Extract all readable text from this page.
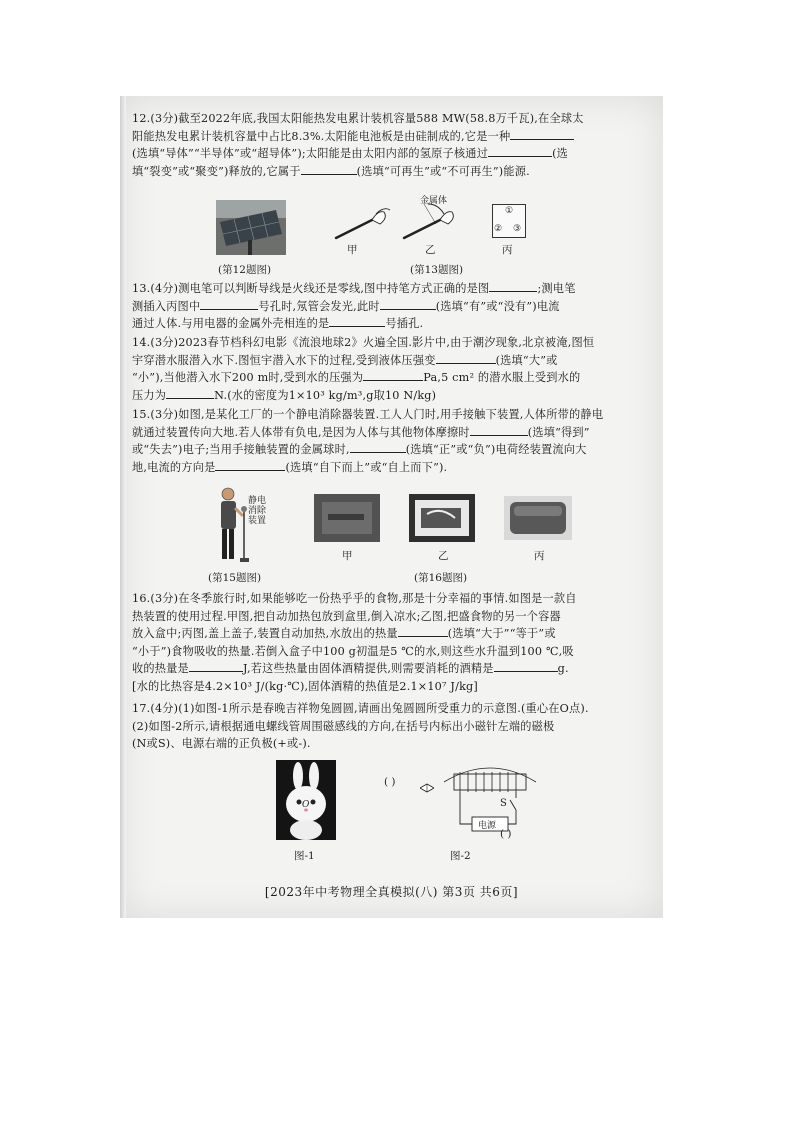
12.(3分)截至2022年底,我国太阳能热发电累计装机容量588 MW(58.8万千瓦),在全球太

阳能热发电累计装机容量中占比8.3%.太阳能电池板是由硅制成的,它是一种

(选填“导体”“半导体”或“超导体”);太阳能是由太阳内部的氢原子核通过	(选

填“裂变”或“聚变”)释放的,它属于	(选填“可再生”或“不可再生”)能源.

金属体
①
② ③
甲	乙	丙
(第12题图)	(第13题图)

13.(4分)测电笔可以判断导线是火线还是零线,图中持笔方式正确的是图	;测电笔

测插入丙图中	号孔时,氖管会发光,此时	(选填“有”或“没有”)电流

通过人体.与用电器的金属外壳相连的是	号插孔.

14.(3分)2023春节档科幻电影《流浪地球2》火遍全国.影片中,由于潮汐现象,北京被淹,图恒

宇穿潜水服潜入水下.图恒宇潜入水下的过程,受到液体压强变	(选填“大”或

“小”),当他潜入水下200 m时,受到水的压强为	Pa,5 cm² 的潜水服上受到水的

压力为	N.(水的密度为1×10³ kg/m³,g取10 N/kg)

15.(3分)如图,是某化工厂的一个静电消除器装置.工人人门时,用手接触下装置,人体所带的静电

就通过装置传向大地.若人体带有负电,是因为人体与其他物体摩擦时	(选填“得到”

或“失去”)电子;当用手接触装置的金属球时,	(选填“正”或“负”)电荷经装置流向大

地,电流的方向是	(选填“自下而上”或“自上而下”).

静电消除装置
甲	乙	丙
(第15题图)	(第16题图)

16.(3分)在冬季旅行时,如果能够吃一份热乎乎的食物,那是十分幸福的事情.如图是一款自

热装置的使用过程.甲图,把自动加热包放到盒里,倒入凉水;乙图,把盛食物的另一个容器

放入盒中;丙图,盖上盖子,装置自动加热,水放出的热量	(选填“大于”“等于”或

“小于”)食物吸收的热量.若倒入盒子中100 g初温是5 ℃的水,则这些水升温到100 ℃,吸

收的热量是	J,若这些热量由固体酒精提供,则需要消耗的酒精是	g.

[水的比热容是4.2×10³ J/(kg·℃),固体酒精的热值是2.1×10⁷ J/kg]

17.(4分)(1)如图-1所示是春晚吉祥物兔圆圆,请画出兔圆圆所受重力的示意图.(重心在O点).

(2)如图-2所示,请根据通电螺线管周围磁感线的方向,在括号内标出小磁针左端的磁极

(N或S)、电源右端的正负极(+或-).

O
( )
电源
S
( )
图-1	图-2
[2023年中考物理全真模拟(八) 第3页 共6页]
